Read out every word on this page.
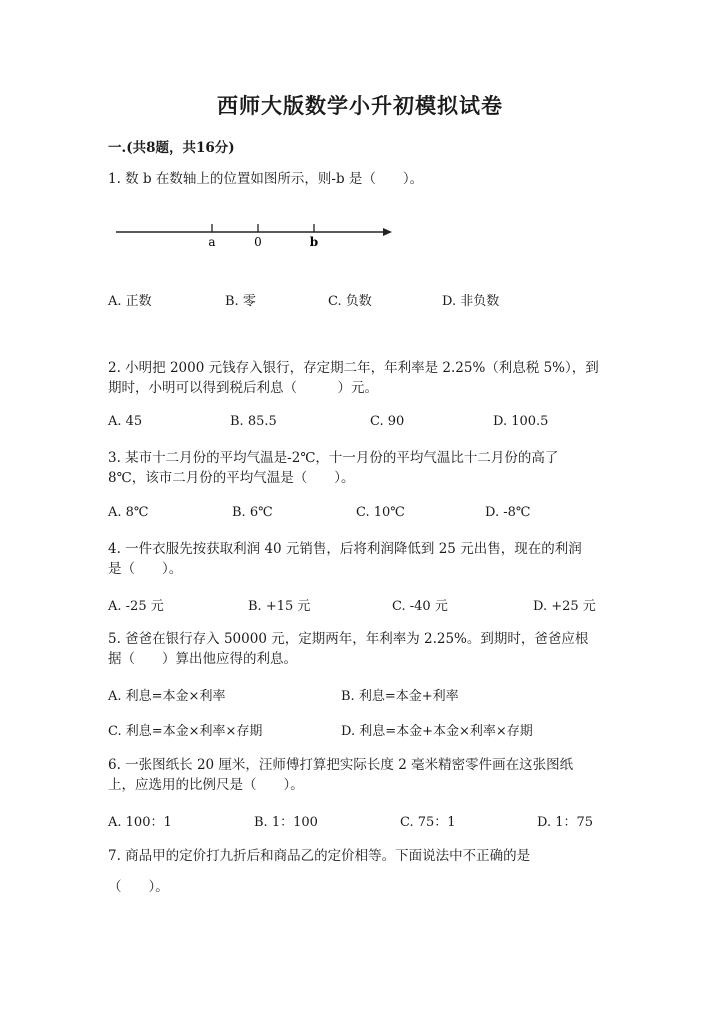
西师大版数学小升初模拟试卷
一.(共8题，共16分)
1. 数 b 在数轴上的位置如图所示，则-b 是（　　）。
a	0	b
A. 正数	B. 零	C. 负数	D. 非负数
2. 小明把 2000 元钱存入银行，存定期二年，年利率是 2.25%（利息税 5%），到
期时，小明可以得到税后利息（　　　）元。
A. 45	B. 85.5	C. 90	D. 100.5
3. 某市十二月份的平均气温是-2℃，十一月份的平均气温比十二月份的高了
8℃，该市二月份的平均气温是（　　）。
A. 8℃	B. 6℃	C. 10℃	D. -8℃
4. 一件衣服先按获取利润 40 元销售，后将利润降低到 25 元出售，现在的利润
是（　　）。
A. -25 元	B. +15 元	C. -40 元	D. +25 元
5. 爸爸在银行存入 50000 元，定期两年，年利率为 2.25%。到期时，爸爸应根
据（　　）算出他应得的利息。
A. 利息=本金×利率	B. 利息=本金+利率
C. 利息=本金×利率×存期	D. 利息=本金+本金×利率×存期
6. 一张图纸长 20 厘米，汪师傅打算把实际长度 2 毫米精密零件画在这张图纸
上，应选用的比例尺是（　　）。
A. 100：1	B. 1：100	C. 75：1	D. 1：75
7. 商品甲的定价打九折后和商品乙的定价相等。下面说法中不正确的是
（　　）。
